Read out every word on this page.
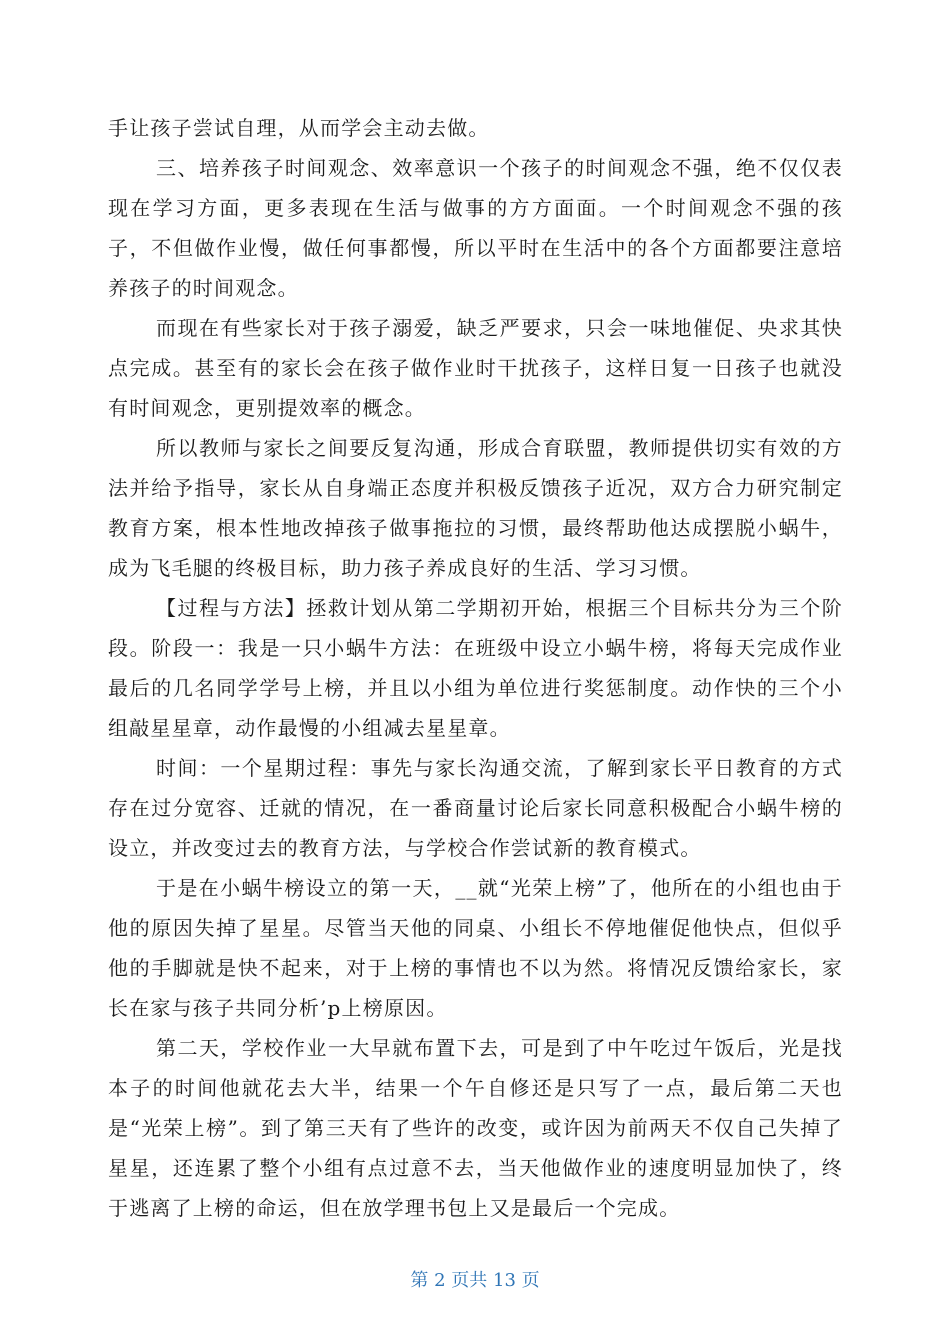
手让孩子尝试自理，从而学会主动去做。

三、培养孩子时间观念、效率意识一个孩子的时间观念不强，绝不仅仅表现在学习方面，更多表现在生活与做事的方方面面。一个时间观念不强的孩子，不但做作业慢，做任何事都慢，所以平时在生活中的各个方面都要注意培养孩子的时间观念。

而现在有些家长对于孩子溺爱，缺乏严要求，只会一味地催促、央求其快点完成。甚至有的家长会在孩子做作业时干扰孩子，这样日复一日孩子也就没有时间观念，更别提效率的概念。

所以教师与家长之间要反复沟通，形成合育联盟，教师提供切实有效的方法并给予指导，家长从自身端正态度并积极反馈孩子近况，双方合力研究制定教育方案，根本性地改掉孩子做事拖拉的习惯，最终帮助他达成摆脱小蜗牛，成为飞毛腿的终极目标，助力孩子养成良好的生活、学习习惯。

【过程与方法】拯救计划从第二学期初开始，根据三个目标共分为三个阶段。阶段一：我是一只小蜗牛方法：在班级中设立小蜗牛榜，将每天完成作业最后的几名同学学号上榜，并且以小组为单位进行奖惩制度。动作快的三个小组敲星星章，动作最慢的小组减去星星章。

时间：一个星期过程：事先与家长沟通交流，了解到家长平日教育的方式存在过分宽容、迁就的情况，在一番商量讨论后家长同意积极配合小蜗牛榜的设立，并改变过去的教育方法，与学校合作尝试新的教育模式。

于是在小蜗牛榜设立的第一天，__就“光荣上榜”了，他所在的小组也由于他的原因失掉了星星。尽管当天他的同桌、小组长不停地催促他快点，但似乎他的手脚就是快不起来，对于上榜的事情也不以为然。将情况反馈给家长，家长在家与孩子共同分析’p上榜原因。

第二天，学校作业一大早就布置下去，可是到了中午吃过午饭后，光是找本子的时间他就花去大半，结果一个午自修还是只写了一点，最后第二天也是“光荣上榜”。到了第三天有了些许的改变，或许因为前两天不仅自己失掉了星星，还连累了整个小组有点过意不去，当天他做作业的速度明显加快了，终于逃离了上榜的命运，但在放学理书包上又是最后一个完成。

第 2 页共 13 页
